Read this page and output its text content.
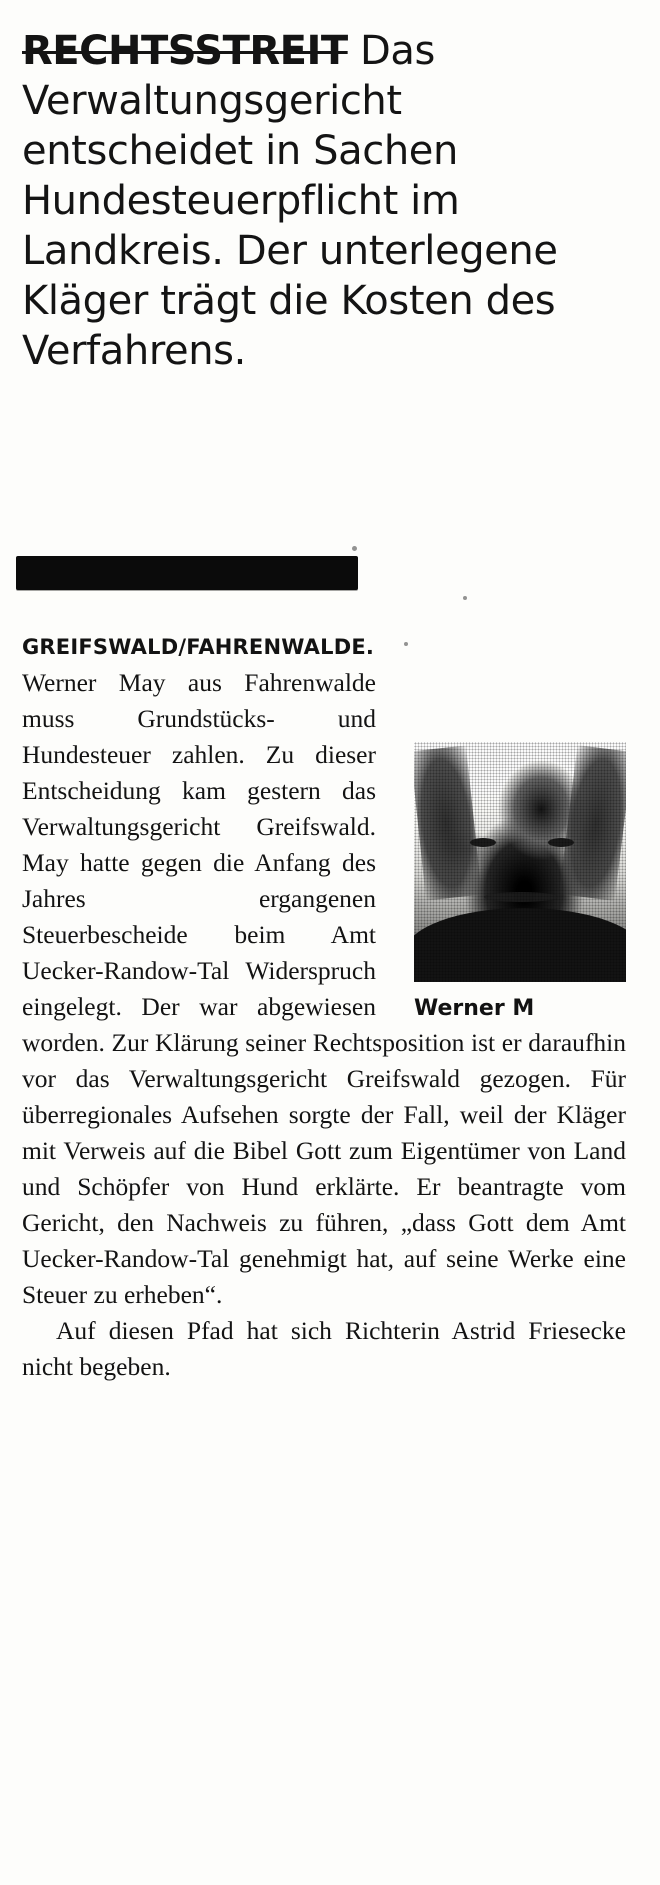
RECHTSSTREIT Das Verwaltungsgericht entscheidet in Sachen Hundesteuerpflicht im Landkreis. Der unterlegene Kläger trägt die Kosten des Verfahrens.
Werner M

GREIFSWALD/FAHRENWALDE. Werner May aus Fahrenwalde muss Grundstücks- und Hundesteuer zahlen. Zu dieser Entscheidung kam gestern das Verwaltungsgericht Greifswald. May hatte gegen die Anfang des Jahres ergangenen Steuerbescheide beim Amt Uecker-Randow-Tal Widerspruch eingelegt. Der war abgewiesen worden. Zur Klärung seiner Rechtsposition ist er daraufhin vor das Verwaltungsgericht Greifswald gezogen. Für überregionales Aufsehen sorgte der Fall, weil der Kläger mit Verweis auf die Bibel Gott zum Eigentümer von Land und Schöpfer von Hund erklärte. Er beantragte vom Gericht, den Nachweis zu führen, „dass Gott dem Amt Uecker-Randow-Tal genehmigt hat, auf seine Werke eine Steuer zu erheben“.

Auf diesen Pfad hat sich Richterin Astrid Friesecke nicht begeben.
